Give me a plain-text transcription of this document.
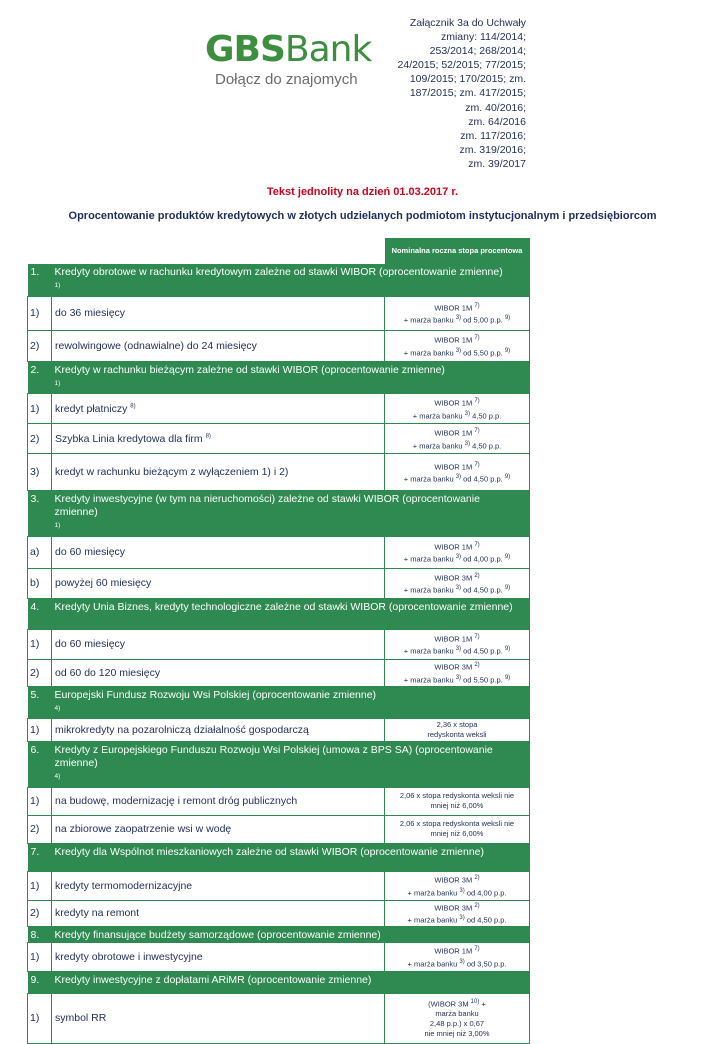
GBSBank
Dołącz do znajomych
Załącznik 3a do Uchwały
zmiany: 114/2014;
253/2014; 268/2014;
24/2015; 52/2015; 77/2015;
109/2015; 170/2015; zm.
187/2015; zm. 417/2015;
zm. 40/2016;
zm. 64/2016
zm. 117/2016;
zm. 319/2016;
zm. 39/2017
Tekst jednolity na dzień 01.03.2017 r.
Oprocentowanie produktów kredytowych w złotych udzielanych podmiotom instytucjonalnym i przedsiębiorcom
		Nominalna roczna stopa procentowa
1.	Kredyty obrotowe w rachunku kredytowym zależne od stawki WIBOR (oprocentowanie zmienne)
$^{1)}$
1)	do 36 miesięcy	WIBOR 1M $^{7)}$
+ marża banku $^{3)}$ od 5,00 p.p. $^{9)}$

2)	rewolwingowe (odnawialne) do 24 miesięcy	WIBOR 1M $^{7)}$
+ marża banku $^{3)}$ od 5,50 p.p. $^{9)}$

2.	Kredyty w rachunku bieżącym zależne od stawki WIBOR (oprocentowanie zmienne)
$^{1)}$
1)	kredyt płatniczy $^{8)}$	WIBOR 1M $^{7)}$
+ marża banku $^{3)}$ 4,50 p.p.

2)	Szybka Linia kredytowa dla firm $^{8)}$	WIBOR 1M $^{7)}$
+ marża banku $^{3)}$ 4,50 p.p.

3)	kredyt w rachunku bieżącym z wyłączeniem 1) i 2)	WIBOR 1M $^{7)}$
+ marża banku $^{3)}$ od 4,50 p.p. $^{9)}$

3.	Kredyty inwestycyjne (w tym na nieruchomości) zależne od stawki WIBOR (oprocentowanie zmienne)
$^{1)}$
a)	do 60 miesięcy	WIBOR 1M $^{7)}$
+ marża banku $^{3)}$ od 4,00 p.p. $^{9)}$

b)	powyżej 60 miesięcy	WIBOR 3M $^{2)}$
+ marża banku $^{3)}$ od 4,50 p.p. $^{9)}$

4.	Kredyty Unia Biznes, kredyty technologiczne zależne od stawki WIBOR (oprocentowanie zmienne)	
1)	do 60 miesięcy	WIBOR 1M $^{7)}$
+ marża banku $^{3)}$ od 4,50 p.p. $^{9)}$

2)	od 60 do 120 miesięcy	WIBOR 3M $^{2)}$
+ marża banku $^{3)}$ od 5,50 p.p. $^{9)}$

5.	Europejski Fundusz Rozwoju Wsi Polskiej (oprocentowanie zmienne)
$^{4)}$
1)	mikrokredyty na pozarolniczą działalność gospodarczą	2,36 x stopa
redyskonta weksli

6.	Kredyty z Europejskiego Funduszu Rozwoju Wsi Polskiej (umowa z BPS SA) (oprocentowanie zmienne)
$^{4)}$
1)	na budowę, modernizację i remont dróg publicznych	2,06 x stopa redyskonta weksli nie
mniej niż 6,00%

2)	na zbiorowe zaopatrzenie wsi w wodę	2,06 x stopa redyskonta weksli nie
mniej niż 6,00%

7.	Kredyty dla Wspólnot mieszkaniowych zależne od stawki WIBOR (oprocentowanie zmienne)	
1)	kredyty termomodernizacyjne	WIBOR 3M $^{2)}$
+ marża banku $^{3)}$ od 4,00 p.p.

2)	kredyty na remont	WIBOR 3M $^{2)}$
+ marża banku $^{3)}$ od 4,50 p.p.

8.	Kredyty finansujące budżety samorządowe (oprocentowanie zmienne)	
1)	kredyty obrotowe i inwestycyjne	WIBOR 1M $^{7)}$
+ marża banku $^{3)}$ od 3,50 p.p.

9.	Kredyty inwestycyjne z dopłatami ARiMR (oprocentowanie zmienne)	
1)	symbol RR	(WIBOR 3M $^{10)}$ +
marża banku
2,48 p.p.) x 0,67
nie mniej niż 3,00%
